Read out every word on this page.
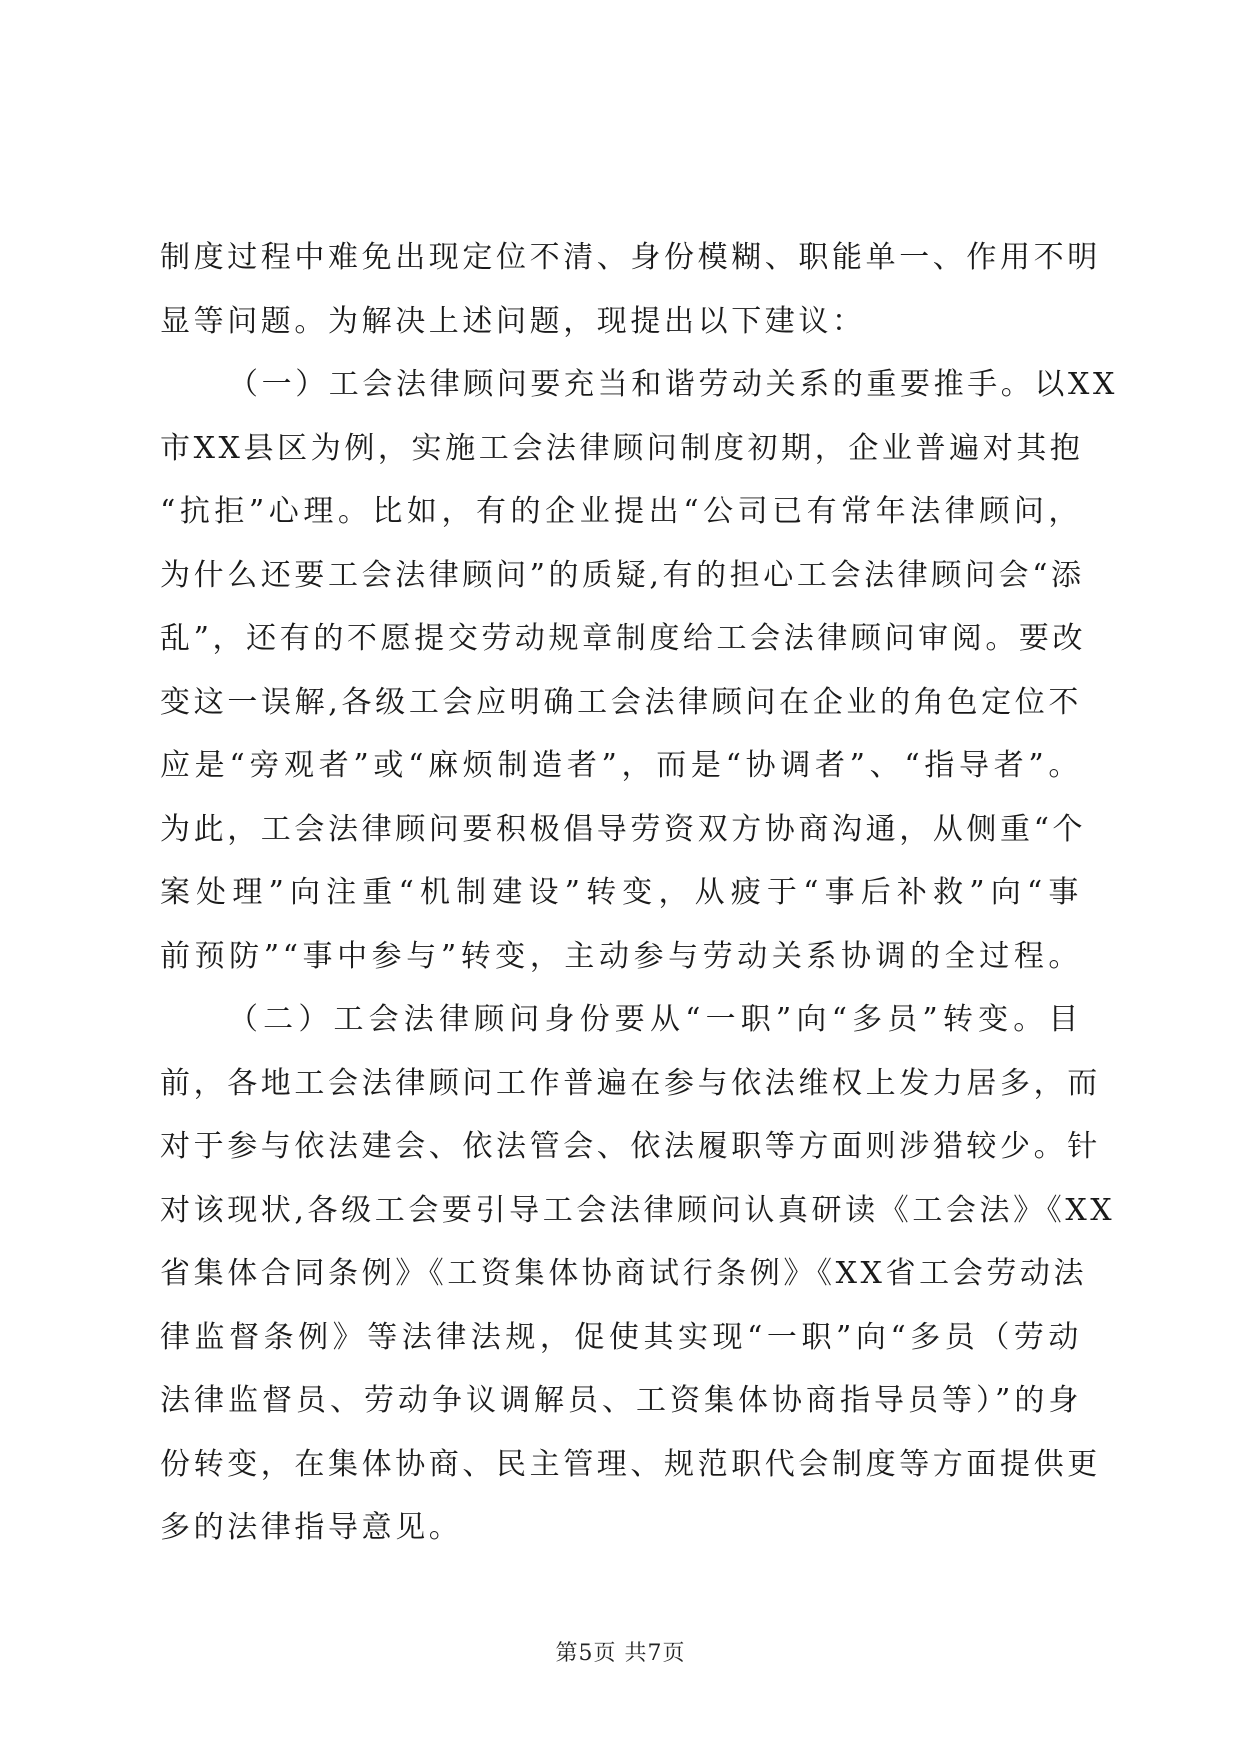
制度过程中难免出现定位不清、身份模糊、职能单一、作用不明
显等问题。为解决上述问题，现提出以下建议：
（一）工会法律顾问要充当和谐劳动关系的重要推手。以XX
市XX县区为例，实施工会法律顾问制度初期，企业普遍对其抱
“抗拒”心理。比如，有的企业提出“公司已有常年法律顾问，
为什么还要工会法律顾问”的质疑,有的担心工会法律顾问会“添
乱”，还有的不愿提交劳动规章制度给工会法律顾问审阅。要改
变这一误解,各级工会应明确工会法律顾问在企业的角色定位不
应是“旁观者”或“麻烦制造者”，而是“协调者”、“指导者”。
为此，工会法律顾问要积极倡导劳资双方协商沟通，从侧重“个
案处理”向注重“机制建设”转变，从疲于“事后补救”向“事
前预防”“事中参与”转变，主动参与劳动关系协调的全过程。
（二）工会法律顾问身份要从“一职”向“多员”转变。目
前，各地工会法律顾问工作普遍在参与依法维权上发力居多，而
对于参与依法建会、依法管会、依法履职等方面则涉猎较少。针
对该现状,各级工会要引导工会法律顾问认真研读《工会法》《XX
省集体合同条例》《工资集体协商试行条例》《XX省工会劳动法
律监督条例》等法律法规，促使其实现“一职”向“多员（劳动
法律监督员、劳动争议调解员、工资集体协商指导员等）”的身
份转变，在集体协商、民主管理、规范职代会制度等方面提供更
多的法律指导意见。
第5页 共7页
